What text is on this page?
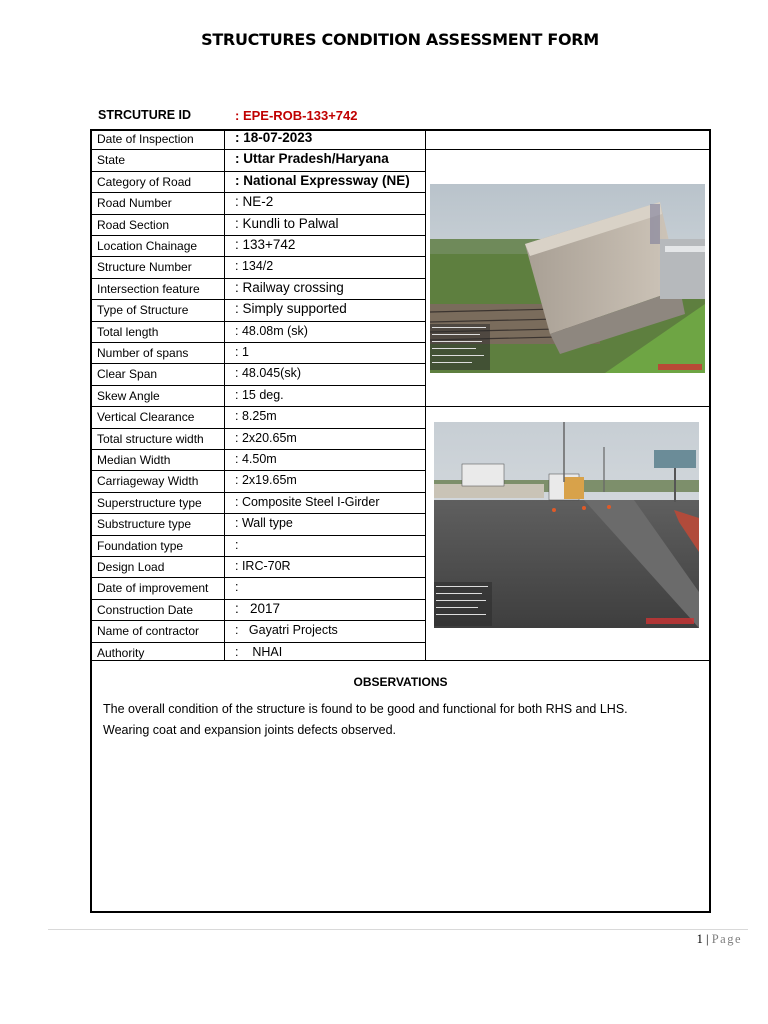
STRUCTURES CONDITION ASSESSMENT FORM
STRCUTURE ID	: EPE-ROB-133+742
Date of Inspection	: 18-07-2023
State	: Uttar Pradesh/Haryana
Category of Road	: National Expressway (NE)
Road Number	: NE-2
Road Section	: Kundli to Palwal
Location Chainage	: 133+742
Structure Number	: 134/2
Intersection feature	: Railway crossing
Type of Structure	: Simply supported
Total length	: 48.08m (sk)
Number of spans	: 1
Clear Span	: 48.045(sk)
Skew Angle	: 15 deg.
Vertical Clearance	: 8.25m
Total structure width	: 2x20.65m
Median Width	: 4.50m
Carriageway Width	: 2x19.65m
Superstructure type	: Composite Steel I-Girder
Substructure type	: Wall type
Foundation type	:
Design Load	: IRC-70R
Date of improvement :
Construction Date	:   2017
Name of contractor	:   Gayatri Projects
Authority	:    NHAI
OBSERVATIONS
The overall condition of the structure is found to be good and functional for both RHS and LHS.
Wearing coat and expansion joints defects observed.
1 | Page
